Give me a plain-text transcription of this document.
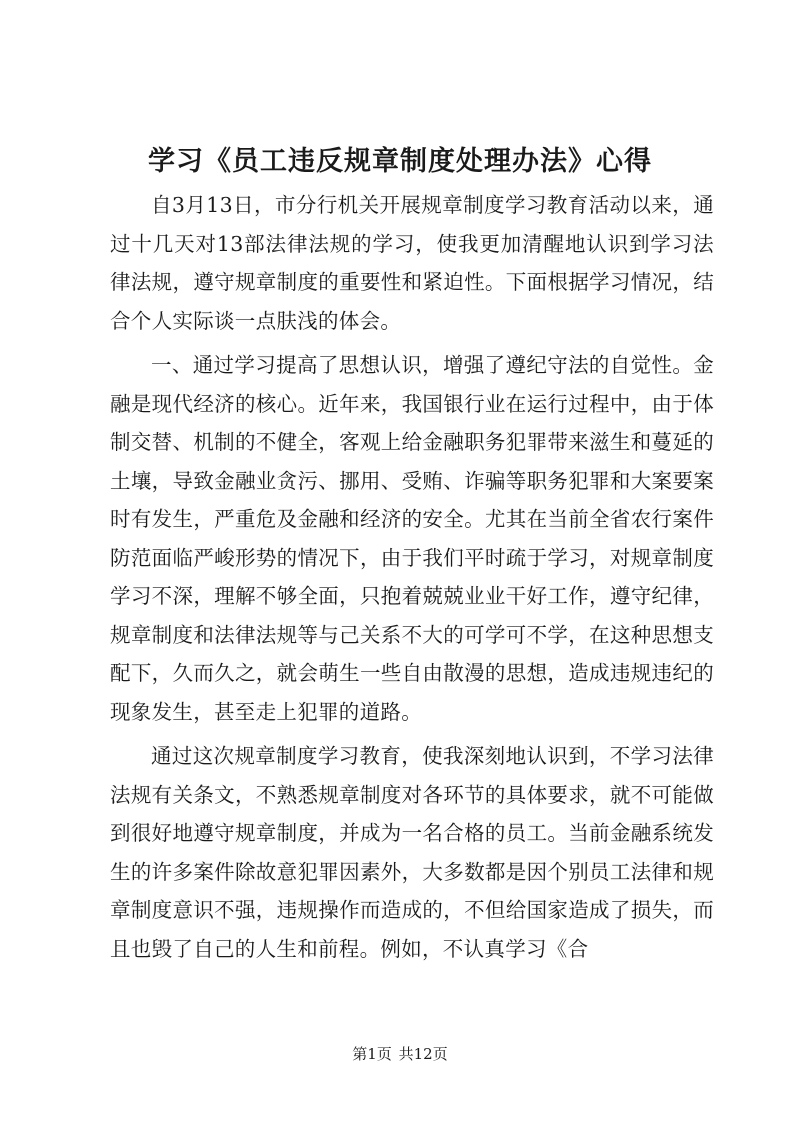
学习《员工违反规章制度处理办法》心得

自3月13日，市分行机关开展规章制度学习教育活动以来，通过十几天对13部法律法规的学习，使我更加清醒地认识到学习法律法规，遵守规章制度的重要性和紧迫性。下面根据学习情况，结合个人实际谈一点肤浅的体会。

一、通过学习提高了思想认识，增强了遵纪守法的自觉性。金融是现代经济的核心。近年来，我国银行业在运行过程中，由于体制交替、机制的不健全，客观上给金融职务犯罪带来滋生和蔓延的土壤，导致金融业贪污、挪用、受贿、诈骗等职务犯罪和大案要案时有发生，严重危及金融和经济的安全。尤其在当前全省农行案件防范面临严峻形势的情况下，由于我们平时疏于学习，对规章制度学习不深，理解不够全面，只抱着兢兢业业干好工作，遵守纪律，规章制度和法律法规等与己关系不大的可学可不学，在这种思想支配下，久而久之，就会萌生一些自由散漫的思想，造成违规违纪的现象发生，甚至走上犯罪的道路。

通过这次规章制度学习教育，使我深刻地认识到，不学习法律法规有关条文，不熟悉规章制度对各环节的具体要求，就不可能做到很好地遵守规章制度，并成为一名合格的员工。当前金融系统发生的许多案件除故意犯罪因素外，大多数都是因个别员工法律和规章制度意识不强，违规操作而造成的，不但给国家造成了损失，而且也毁了自己的人生和前程。例如，不认真学习《合

第1页 共12页
